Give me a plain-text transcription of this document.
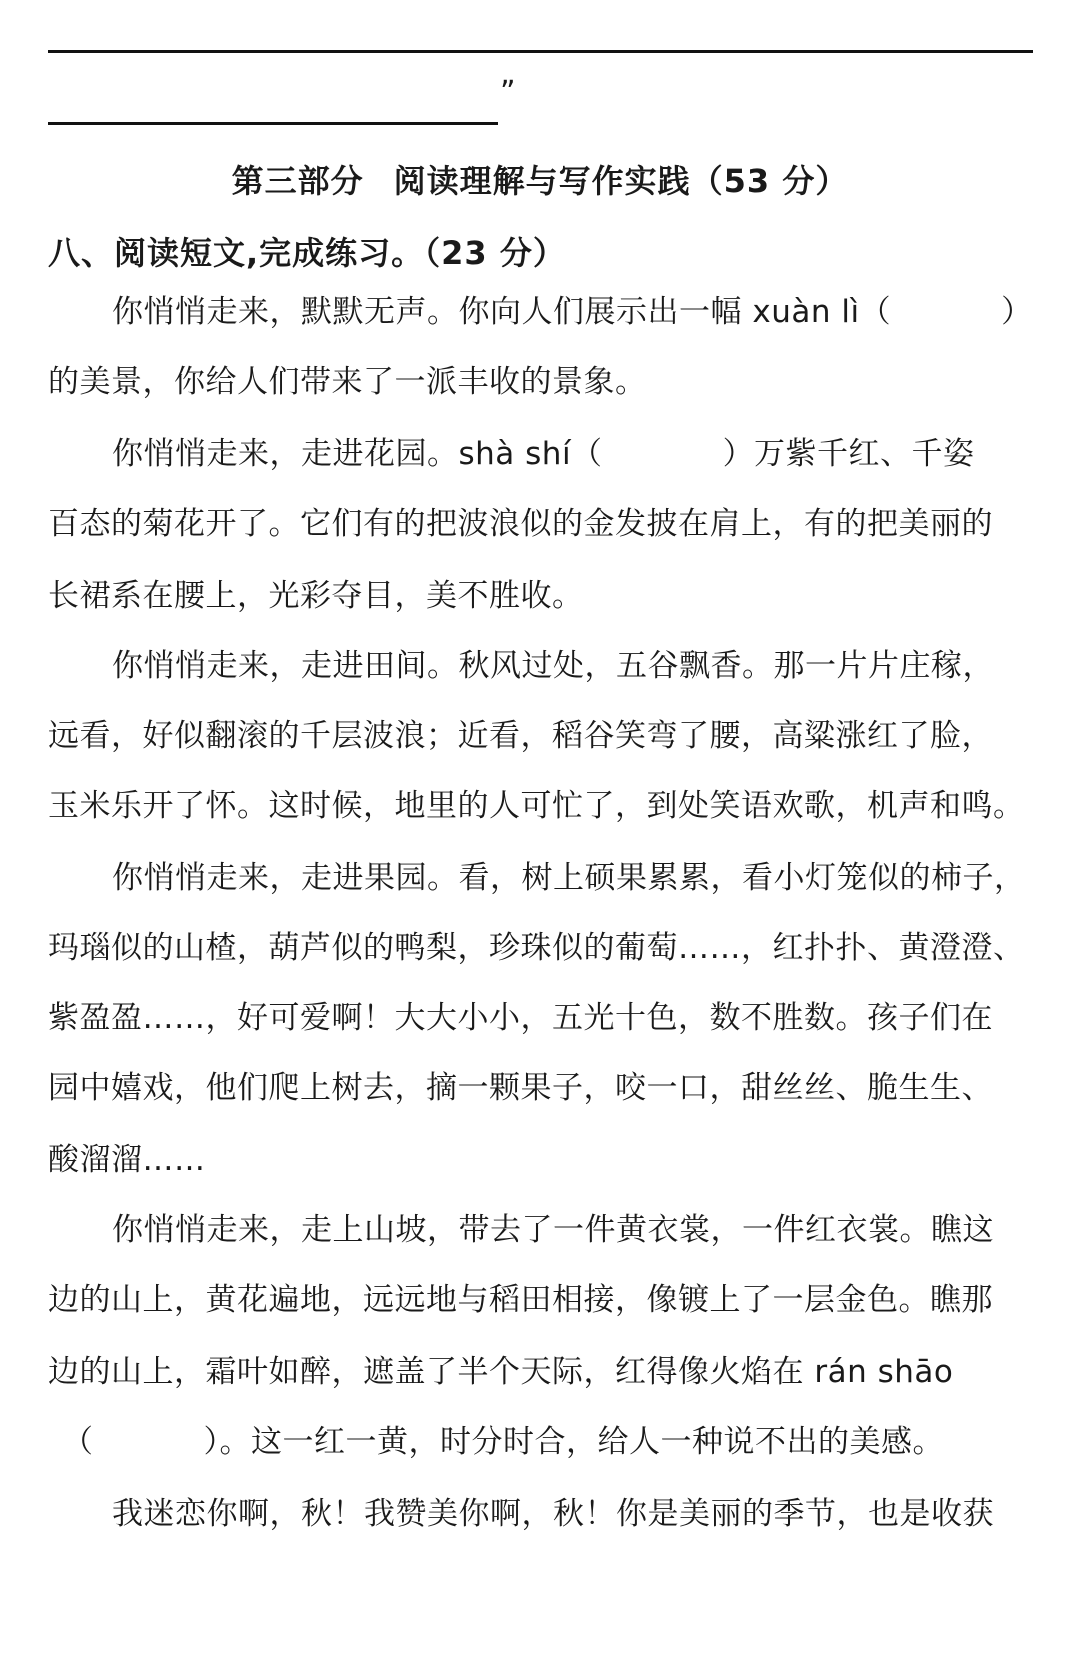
”
第三部分 阅读理解与写作实践（53 分）
八、阅读短文,完成练习。（23 分）
你悄悄走来，默默无声。你向人们展示出一幅 xuàn lì（	）
的美景，你给人们带来了一派丰收的景象。
你悄悄走来，走进花园。shà shí（	）万紫千红、千姿
百态的菊花开了。它们有的把波浪似的金发披在肩上，有的把美丽的
长裙系在腰上，光彩夺目，美不胜收。
你悄悄走来，走进田间。秋风过处，五谷飘香。那一片片庄稼，
远看，好似翻滚的千层波浪；近看，稻谷笑弯了腰，高粱涨红了脸，
玉米乐开了怀。这时候，地里的人可忙了，到处笑语欢歌，机声和鸣。
你悄悄走来，走进果园。看，树上硕果累累，看小灯笼似的柿子，
玛瑙似的山楂，葫芦似的鸭梨，珍珠似的葡萄……，红扑扑、黄澄澄、
紫盈盈……，好可爱啊！大大小小，五光十色，数不胜数。孩子们在
园中嬉戏，他们爬上树去，摘一颗果子，咬一口，甜丝丝、脆生生、
酸溜溜……
你悄悄走来，走上山坡，带去了一件黄衣裳，一件红衣裳。瞧这
边的山上，黄花遍地，远远地与稻田相接，像镀上了一层金色。瞧那
边的山上，霜叶如醉，遮盖了半个天际，红得像火焰在 rán shāo
（	）。这一红一黄，时分时合，给人一种说不出的美感。
我迷恋你啊，秋！我赞美你啊，秋！你是美丽的季节，也是收获
